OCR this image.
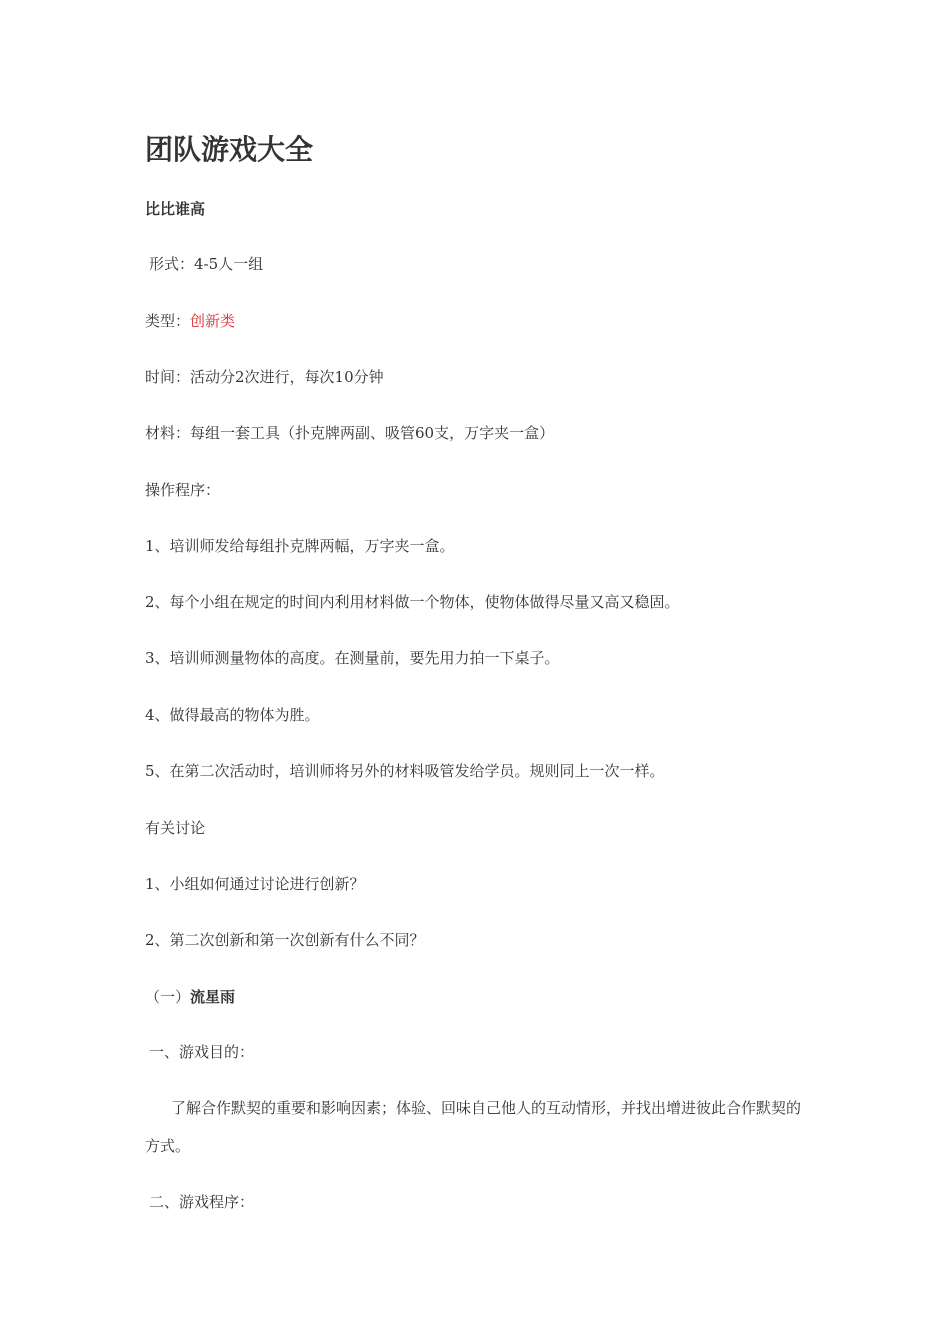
团队游戏大全
比比谁高
形式：4-5人一组
类型：创新类
时间：活动分2次进行，每次10分钟
材料：每组一套工具（扑克牌两副、吸管60支，万字夹一盒）
操作程序：
1、培训师发给每组扑克牌两幅，万字夹一盒。
2、每个小组在规定的时间内利用材料做一个物体，使物体做得尽量又高又稳固。
3、培训师测量物体的高度。在测量前，要先用力拍一下桌子。
4、做得最高的物体为胜。
5、在第二次活动时，培训师将另外的材料吸管发给学员。规则同上一次一样。
有关讨论
1、小组如何通过讨论进行创新？
2、第二次创新和第一次创新有什么不同？
（一）流星雨
一、游戏目的：
了解合作默契的重要和影响因素；体验、回味自己他人的互动情形，并找出增进彼此合作默契的方式。
二、游戏程序：
